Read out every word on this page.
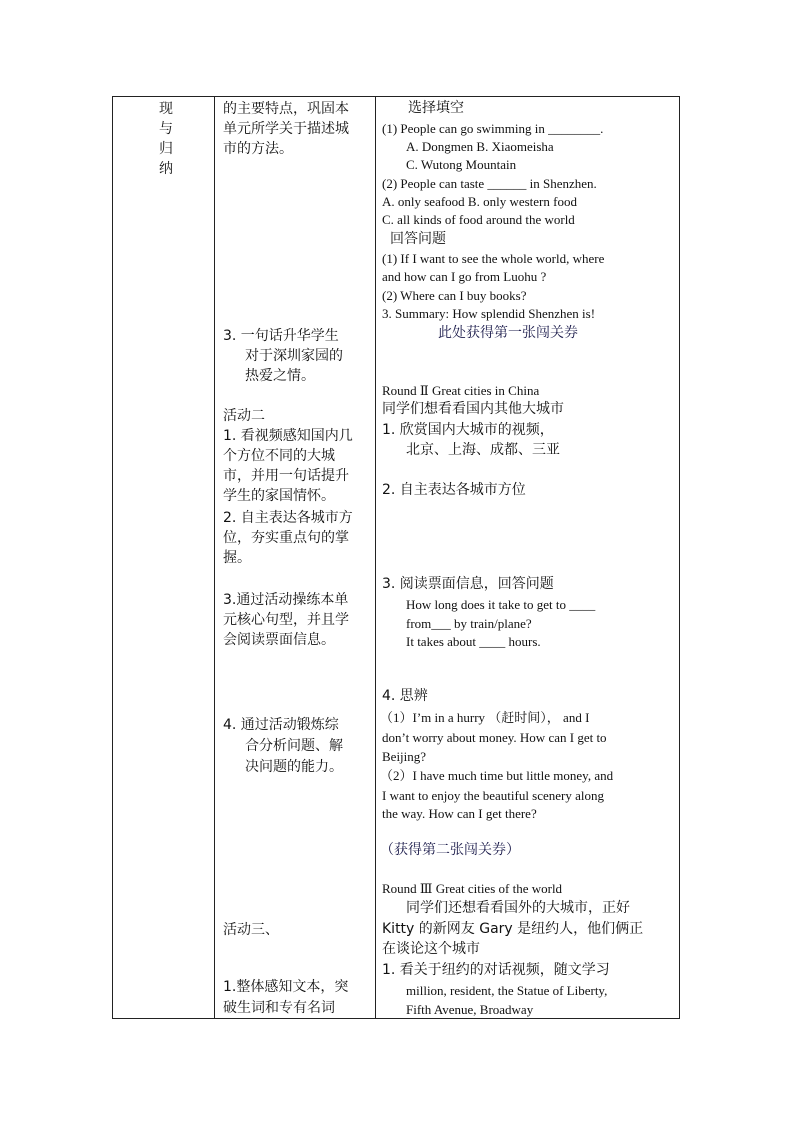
现
与
归
纳
的主要特点，巩固本
单元所学关于描述城
市的方法。
3. 一句话升华学生
对于深圳家园的
热爱之情。
活动二
1. 看视频感知国内几
个方位不同的大城
市，并用一句话提升
学生的家国情怀。
2. 自主表达各城市方
位，夯实重点句的掌
握。
3.通过活动操练本单
元核心句型，并且学
会阅读票面信息。
4. 通过活动锻炼综
合分析问题、解
决问题的能力。
活动三、
1.整体感知文本，突
破生词和专有名词
选择填空
(1) People can go swimming in ________.
A. Dongmen B. Xiaomeisha
C. Wutong Mountain
(2) People can taste ______ in Shenzhen.
A. only seafood B. only western food
C. all kinds of food around the world
回答问题
(1) If I want to see the whole world, where
and how can I go from Luohu ?
(2) Where can I buy books?
3. Summary: How splendid Shenzhen is!
此处获得第一张闯关券
Round Ⅱ Great cities in China
同学们想看看国内其他大城市
1. 欣赏国内大城市的视频，
北京、上海、成都、三亚
2. 自主表达各城市方位
3. 阅读票面信息，回答问题
How long does it take to get to ____
from___ by train/plane?
It takes about ____ hours.
4. 思辨
（1）I’m in a hurry （赶时间）， and I
don’t worry about money. How can I get to
Beijing?
（2）I have much time but little money, and
I want to enjoy the beautiful scenery along
the way. How can I get there?
（获得第二张闯关券）
Round Ⅲ Great cities of the world
同学们还想看看国外的大城市，正好
Kitty 的新网友 Gary 是纽约人，他们俩正
在谈论这个城市
1. 看关于纽约的对话视频，随文学习
million, resident, the Statue of Liberty,
Fifth Avenue, Broadway
